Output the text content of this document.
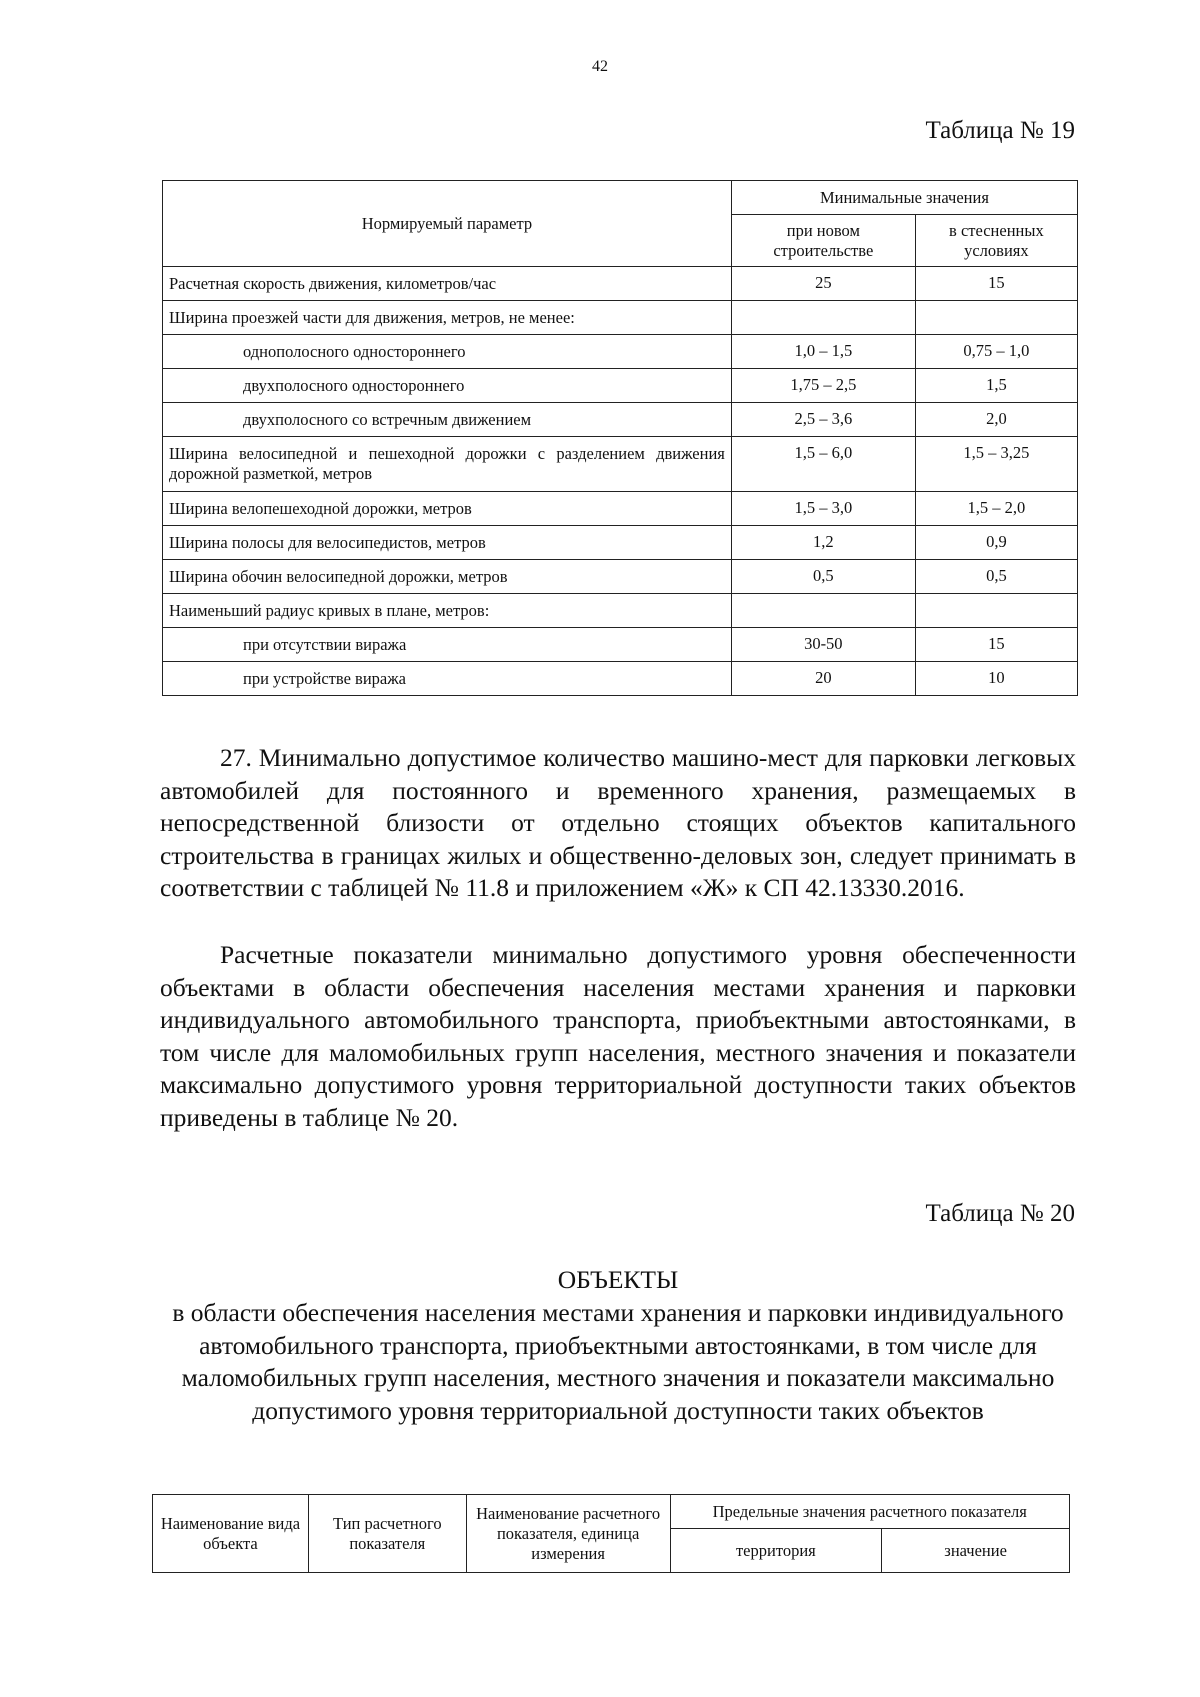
42
Таблица № 19
Нормируемый параметр	Минимальные значения	
	при новом строительстве	в стесненных условиях
Расчетная скорость движения, километров/час	25	15
Ширина проезжей части для движения, метров, не менее:		
однополосного одностороннего	1,0 – 1,5	0,75 – 1,0
двухполосного одностороннего	1,75 – 2,5	1,5
двухполосного со встречным движением	2,5 – 3,6	2,0
Ширина велосипедной и пешеходной дорожки с разделением движения дорожной разметкой, метров	1,5 – 6,0	1,5 – 3,25
Ширина велопешеходной дорожки, метров	1,5 – 3,0	1,5 – 2,0
Ширина полосы для велосипедистов, метров	1,2	0,9
Ширина обочин велосипедной дорожки, метров	0,5	0,5
Наименьший радиус кривых в плане, метров:		
при отсутствии виража	30-50	15
при устройстве виража	20	10
27. Минимально допустимое количество машино-мест для парковки легковых автомобилей для постоянного и временного хранения, размещаемых в непосредственной близости от отдельно стоящих объектов капитального строительства в границах жилых и общественно-деловых зон, следует принимать в соответствии с таблицей № 11.8 и приложением «Ж» к СП 42.13330.2016.
Расчетные показатели минимально допустимого уровня обеспеченности объектами в области обеспечения населения местами хранения и парковки индивидуального автомобильного транспорта, приобъектными автостоянками, в том числе для маломобильных групп населения, местного значения и показатели максимально допустимого уровня территориальной доступности таких объектов приведены в таблице № 20.
Таблица № 20
ОБЪЕКТЫ
в области обеспечения населения местами хранения и парковки индивидуального автомобильного транспорта, приобъектными автостоянками, в том числе для маломобильных групп населения, местного значения и показатели максимально допустимого уровня территориальной доступности таких объектов
Наименование вида объекта	Тип расчетного показателя	Наименование расчетного показателя, единица измерения	Предельные значения расчетного показателя	
			территория	значение
